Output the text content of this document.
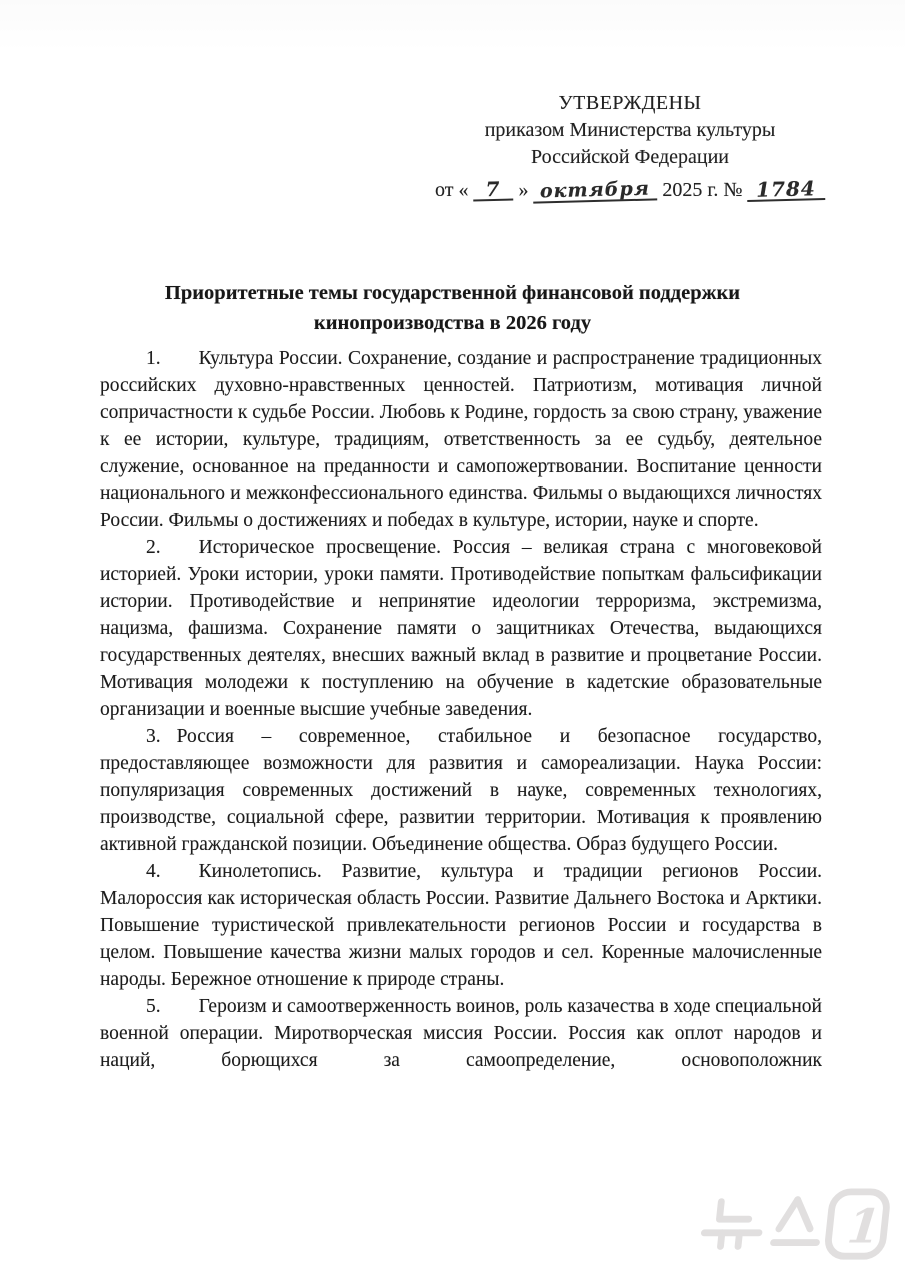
УТВЕРЖДЕНЫ
приказом Министерства культуры
Российской Федерации
от « 7 » октября 2025 г. № 1784
Приоритетные темы государственной финансовой поддержки кинопроизводства в 2026 году

1. Культура России. Сохранение, создание и распространение традиционных российских духовно-нравственных ценностей. Патриотизм, мотивация личной сопричастности к судьбе России. Любовь к Родине, гордость за свою страну, уважение к ее истории, культуре, традициям, ответственность за ее судьбу, деятельное служение, основанное на преданности и самопожертвовании. Воспитание ценности национального и межконфессионального единства. Фильмы о выдающихся личностях России. Фильмы о достижениях и победах в культуре, истории, науке и спорте.

2. Историческое просвещение. Россия – великая страна с многовековой историей. Уроки истории, уроки памяти. Противодействие попыткам фальсификации истории. Противодействие и непринятие идеологии терроризма, экстремизма, нацизма, фашизма. Сохранение памяти о защитниках Отечества, выдающихся государственных деятелях, внесших важный вклад в развитие и процветание России. Мотивация молодежи к поступлению на обучение в кадетские образовательные организации и военные высшие учебные заведения.

3. Россия – современное, стабильное и безопасное государство, предоставляющее возможности для развития и самореализации. Наука России: популяризация современных достижений в науке, современных технологиях, производстве, социальной сфере, развитии территории. Мотивация к проявлению активной гражданской позиции. Объединение общества. Образ будущего России.

4. Кинолетопись. Развитие, культура и традиции регионов России. Малороссия как историческая область России. Развитие Дальнего Востока и Арктики. Повышение туристической привлекательности регионов России и государства в целом. Повышение качества жизни малых городов и сел. Коренные малочисленные народы. Бережное отношение к природе страны.

5. Героизм и самоотверженность воинов, роль казачества в ходе специальной военной операции. Миротворческая миссия России. Россия как оплот народов и наций, борющихся за самоопределение, основоположник

1
